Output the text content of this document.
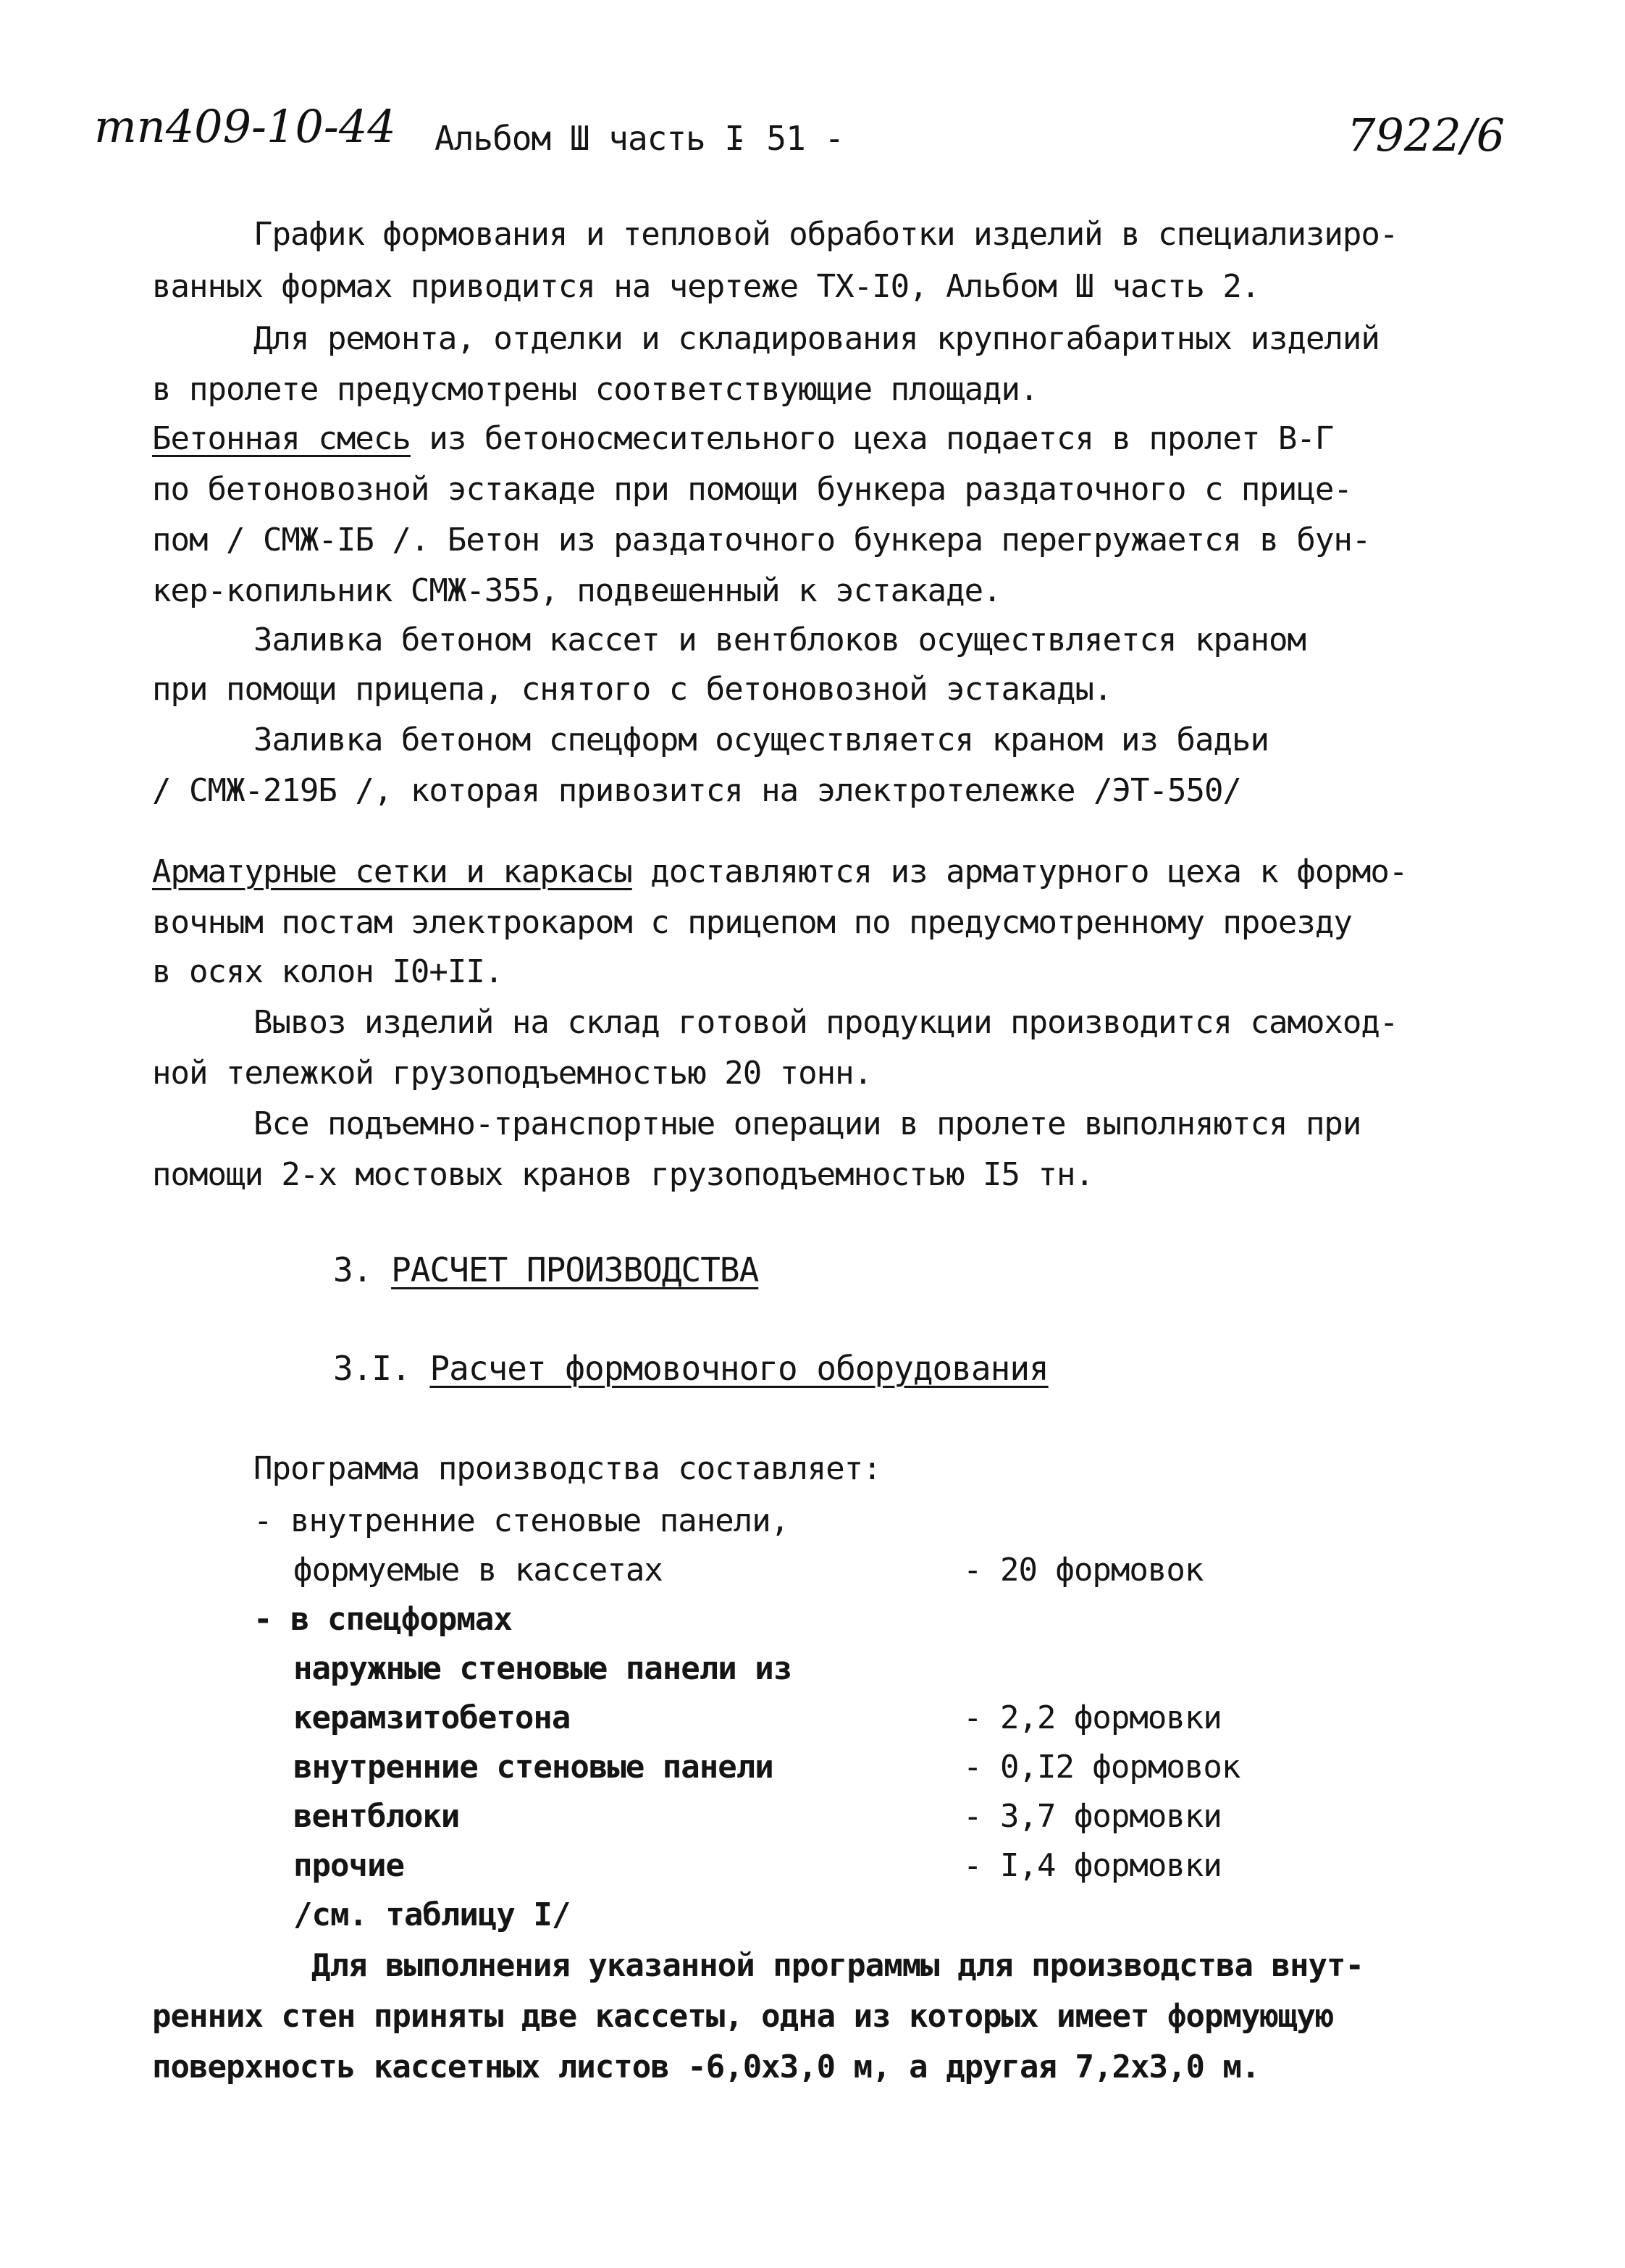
тп409-10-44 Альбом Ш часть I
- 51 -	7922/6
График формования и тепловой обработки изделий в специализиро-
ванных формах приводится на чертеже ТХ-I0, Альбом Ш часть 2.
Для ремонта, отделки и складирования крупногабаритных изделий
в пролете предусмотрены соответствующие площади.
Бетонная смесь из бетоносмесительного цеха подается в пролет В-Г
по бетоновозной эстакаде при помощи бункера раздаточного с прице-
пом / СМЖ-IБ /. Бетон из раздаточного бункера перегружается в бун-
кер-копильник СМЖ-355, подвешенный к эстакаде.
Заливка бетоном кассет и вентблоков осуществляется краном
при помощи прицепа, снятого с бетоновозной эстакады.
Заливка бетоном спецформ осуществляется краном из бадьи
/ СМЖ-219Б /, которая привозится на электротележке /ЭТ-550/
Арматурные сетки и каркасы доставляются из арматурного цеха к формо-
вочным постам электрокаром с прицепом по предусмотренному проезду
в осях колон I0+II.
Вывоз изделий на склад готовой продукции производится самоход-
ной тележкой грузоподъемностью 20 тонн.
Все подъемно-транспортные операции в пролете выполняются при
помощи 2-х мостовых кранов грузоподъемностью I5 тн.
3. РАСЧЕТ ПРОИЗВОДСТВА
3.I. Расчет формовочного оборудования
Программа производства составляет:
- внутренние стеновые панели,
формуемые в кассетах	- 20 формовок
- в спецформах
наружные стеновые панели из
керамзитобетона	- 2,2 формовки
внутренние стеновые панели	- 0,I2 формовок
вентблоки	- 3,7 формовки
прочие	- I,4 формовки
/см. таблицу I/
Для выполнения указанной программы для производства внут-
ренних стен приняты две кассеты, одна из которых имеет формующую
поверхность кассетных листов -6,0x3,0 м, а другая 7,2x3,0 м.
